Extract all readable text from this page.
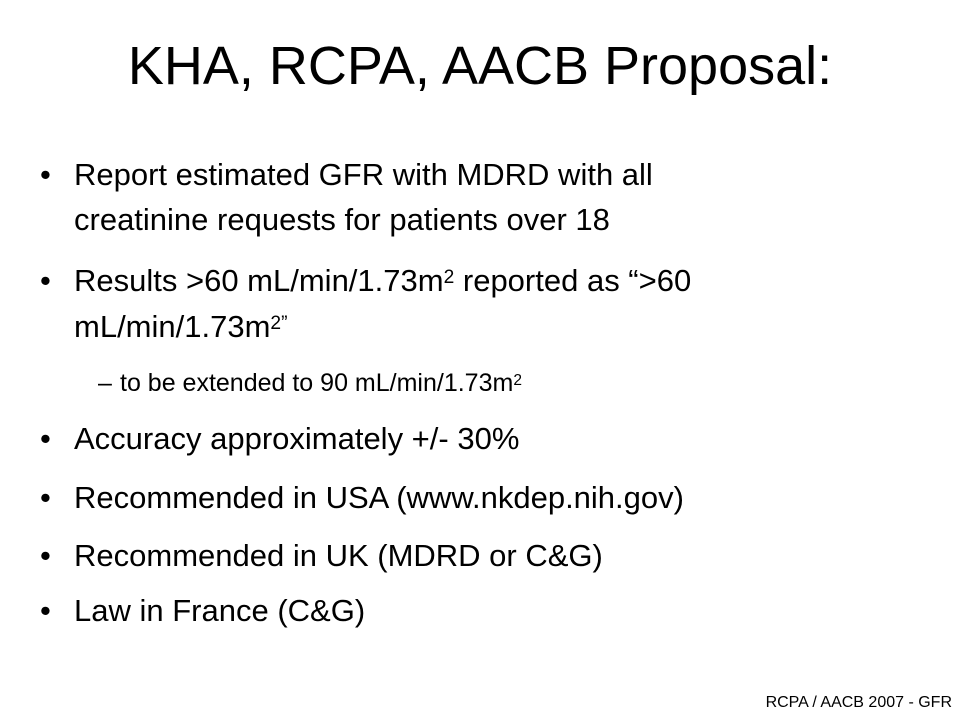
KHA, RCPA, AACB Proposal:
• Report estimated GFR with MDRD with all
creatinine requests for patients over 18
• Results >60 $mL/\min/1.73m^2$ reported as “>60
$mL/\min/1.73m^{2”}$
– to be extended to 90 $mL/\min/1.73m^2$
• Accuracy approximately +/- 30%
• Recommended in USA (www.nkdep.nih.gov)
• Recommended in UK (MDRD or C&G)
• Law in France (C&G)
RCPA / AACB 2007 - GFR
